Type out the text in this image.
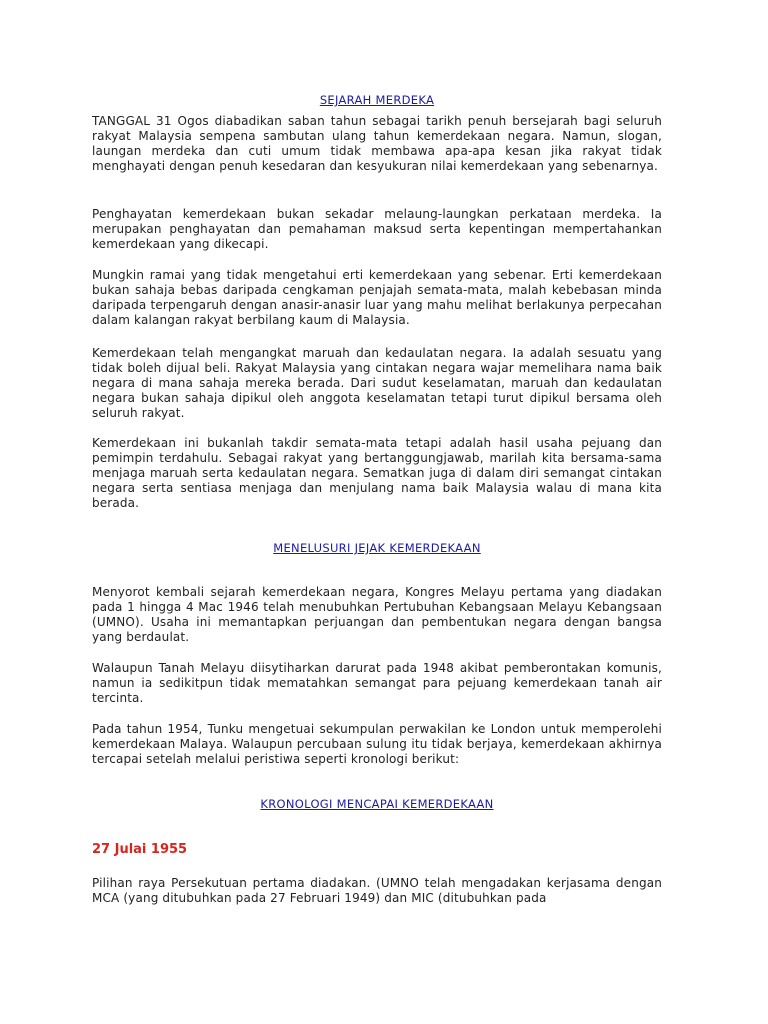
SEJARAH MERDEKA

TANGGAL 31 Ogos diabadikan saban tahun sebagai tarikh penuh bersejarah bagi seluruh rakyat Malaysia sempena sambutan ulang tahun kemerdekaan negara. Namun, slogan, laungan merdeka dan cuti umum tidak membawa apa-apa kesan jika rakyat tidak menghayati dengan penuh kesedaran dan kesyukuran nilai kemerdekaan yang sebenarnya.

Penghayatan kemerdekaan bukan sekadar melaung-laungkan perkataan merdeka. Ia merupakan penghayatan dan pemahaman maksud serta kepentingan mempertahankan kemerdekaan yang dikecapi.

Mungkin ramai yang tidak mengetahui erti kemerdekaan yang sebenar. Erti kemerdekaan bukan sahaja bebas daripada cengkaman penjajah semata-mata, malah kebebasan minda daripada terpengaruh dengan anasir-anasir luar yang mahu melihat berlakunya perpecahan dalam kalangan rakyat berbilang kaum di Malaysia.

Kemerdekaan telah mengangkat maruah dan kedaulatan negara. Ia adalah sesuatu yang tidak boleh dijual beli. Rakyat Malaysia yang cintakan negara wajar memelihara nama baik negara di mana sahaja mereka berada. Dari sudut keselamatan, maruah dan kedaulatan negara bukan sahaja dipikul oleh anggota keselamatan tetapi turut dipikul bersama oleh seluruh rakyat.

Kemerdekaan ini bukanlah takdir semata-mata tetapi adalah hasil usaha pejuang dan pemimpin terdahulu. Sebagai rakyat yang bertanggungjawab, marilah kita bersama-sama menjaga maruah serta kedaulatan negara. Sematkan juga di dalam diri semangat cintakan negara serta sentiasa menjaga dan menjulang nama baik Malaysia walau di mana kita berada.

MENELUSURI JEJAK KEMERDEKAAN

Menyorot kembali sejarah kemerdekaan negara, Kongres Melayu pertama yang diadakan pada 1 hingga 4 Mac 1946 telah menubuhkan Pertubuhan Kebangsaan Melayu Kebangsaan (UMNO). Usaha ini memantapkan perjuangan dan pembentukan negara dengan bangsa yang berdaulat.

Walaupun Tanah Melayu diisytiharkan darurat pada 1948 akibat pemberontakan komunis, namun ia sedikitpun tidak mematahkan semangat para pejuang kemerdekaan tanah air tercinta.

Pada tahun 1954, Tunku mengetuai sekumpulan perwakilan ke London untuk memperolehi kemerdekaan Malaya. Walaupun percubaan sulung itu tidak berjaya, kemerdekaan akhirnya tercapai setelah melalui peristiwa seperti kronologi berikut:

KRONOLOGI MENCAPAI KEMERDEKAAN

27 Julai 1955

Pilihan raya Persekutuan pertama diadakan. (UMNO telah mengadakan kerjasama dengan MCA (yang ditubuhkan pada 27 Februari 1949) dan MIC (ditubuhkan pada
